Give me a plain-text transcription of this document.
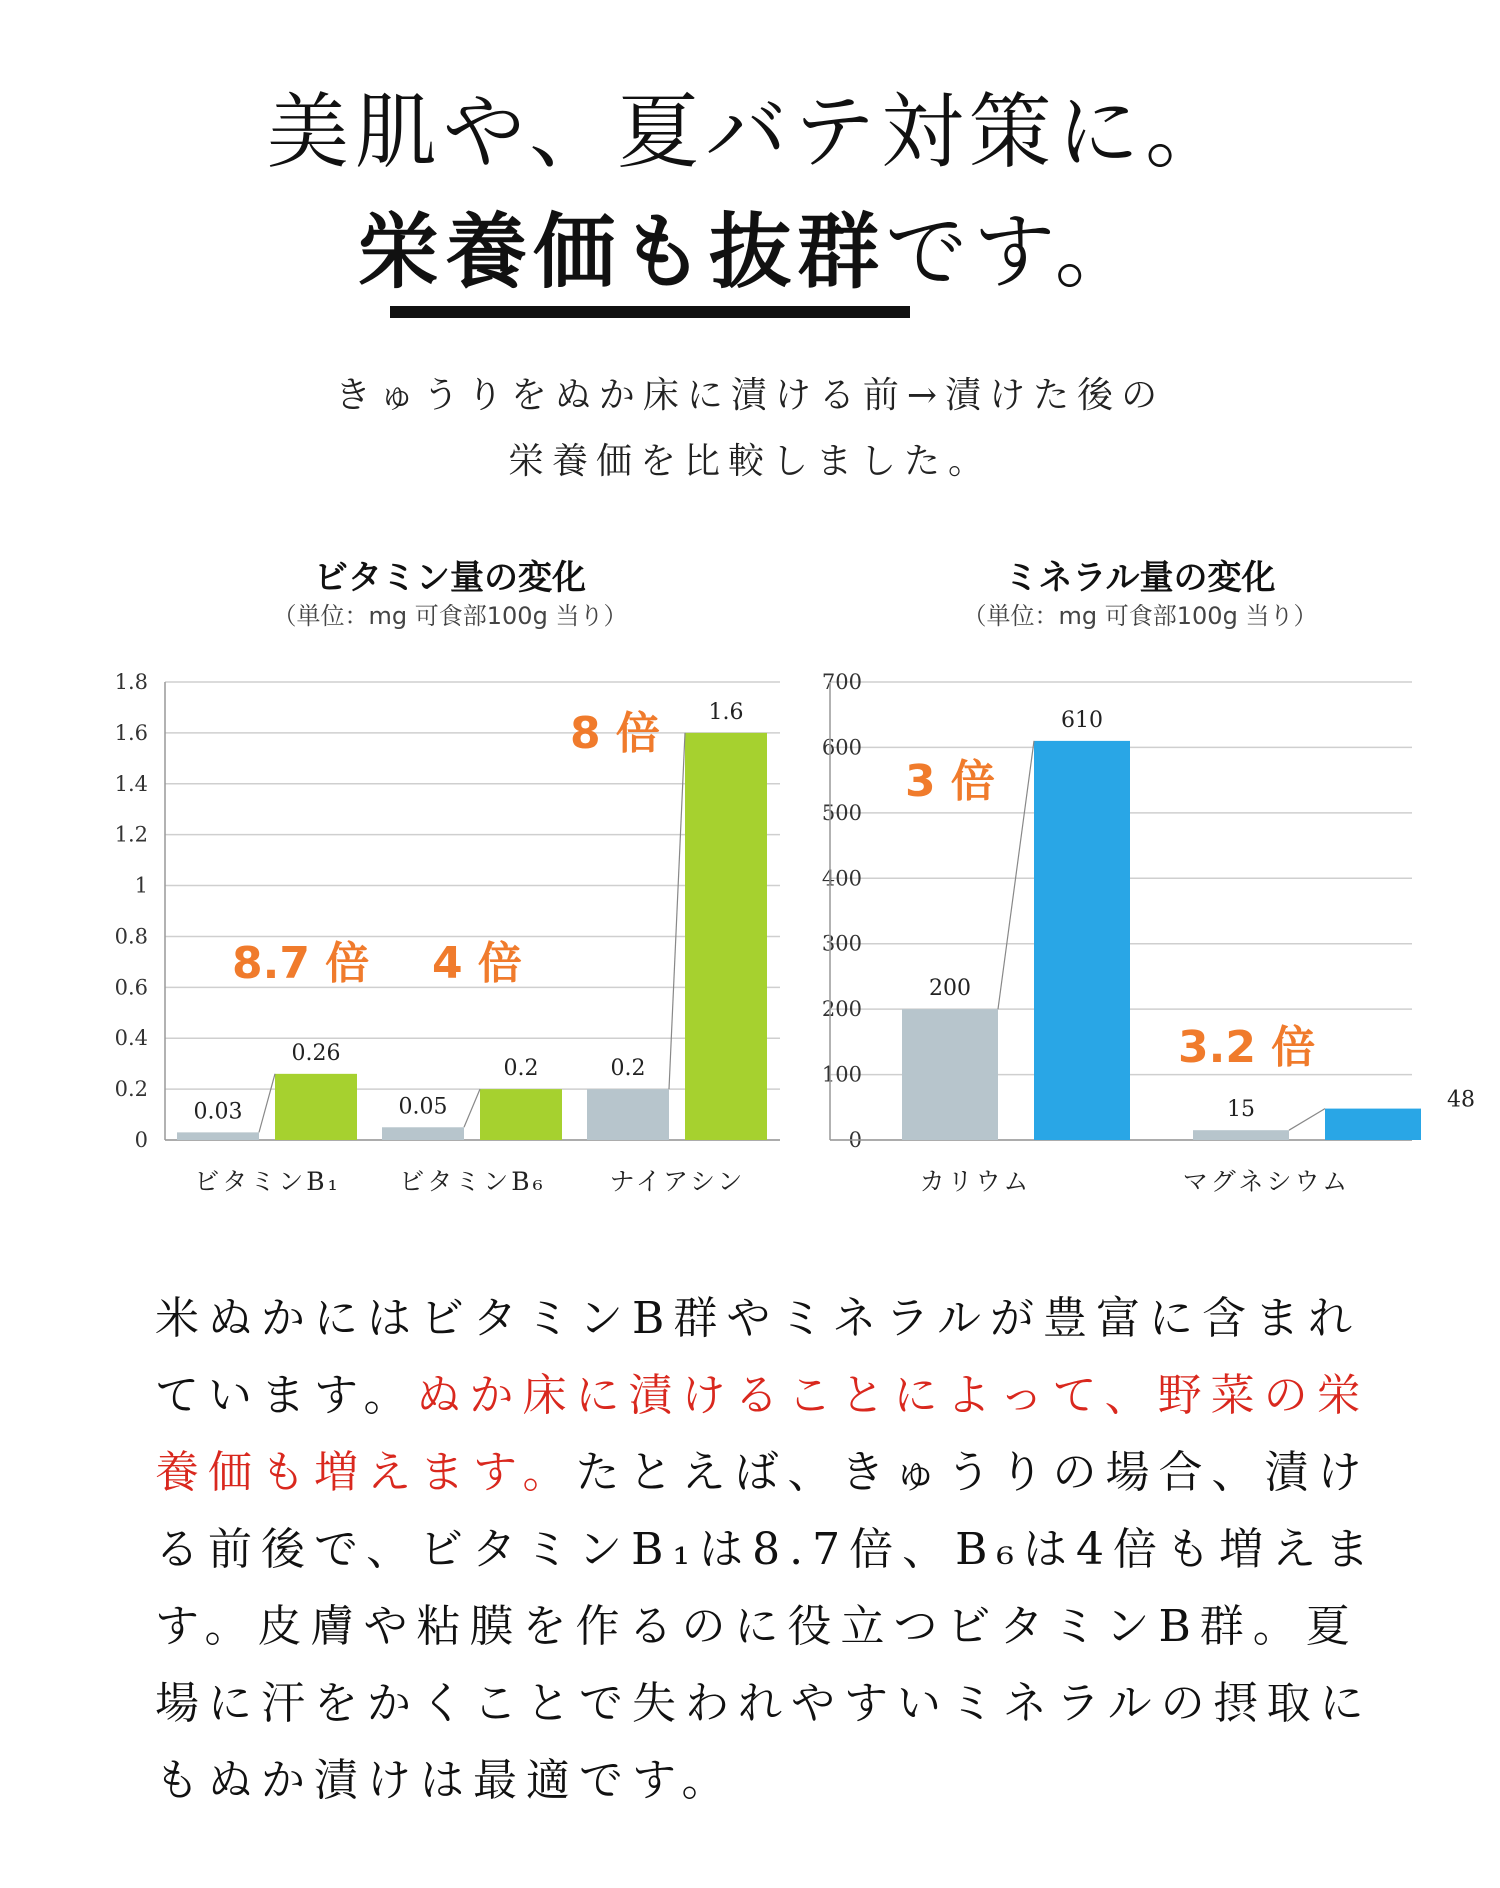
美肌や、夏バテ対策に。
栄養価も抜群です。
きゅうりをぬか床に漬ける前→漬けた後の
栄養価を比較しました。
ビタミン量の変化
（単位：mg 可食部100g 当り）
ミネラル量の変化
（単位：mg 可食部100g 当り）
0
0.2
0.4
0.6
0.8
1
1.2
1.4
1.6
1.8
0.03
0.26
ビタミンB₁
8.7 倍
0.05
0.2
ビタミンB₆
4 倍
0.2
1.6
ナイアシン
8 倍
0
100
200
300
400
500
600
700
200
610
カリウム
3 倍
15	48
マグネシウム
3.2 倍
米ぬかにはビタミンB群やミネラルが豊富に含まれています。ぬか床に漬けることによって、野菜の栄養価も増えます。たとえば、きゅうりの場合、漬ける前後で、ビタミンB₁は8.7倍、B₆は4倍も増えます。皮膚や粘膜を作るのに役立つビタミンB群。夏場に汗をかくことで失われやすいミネラルの摂取にもぬか漬けは最適です。
